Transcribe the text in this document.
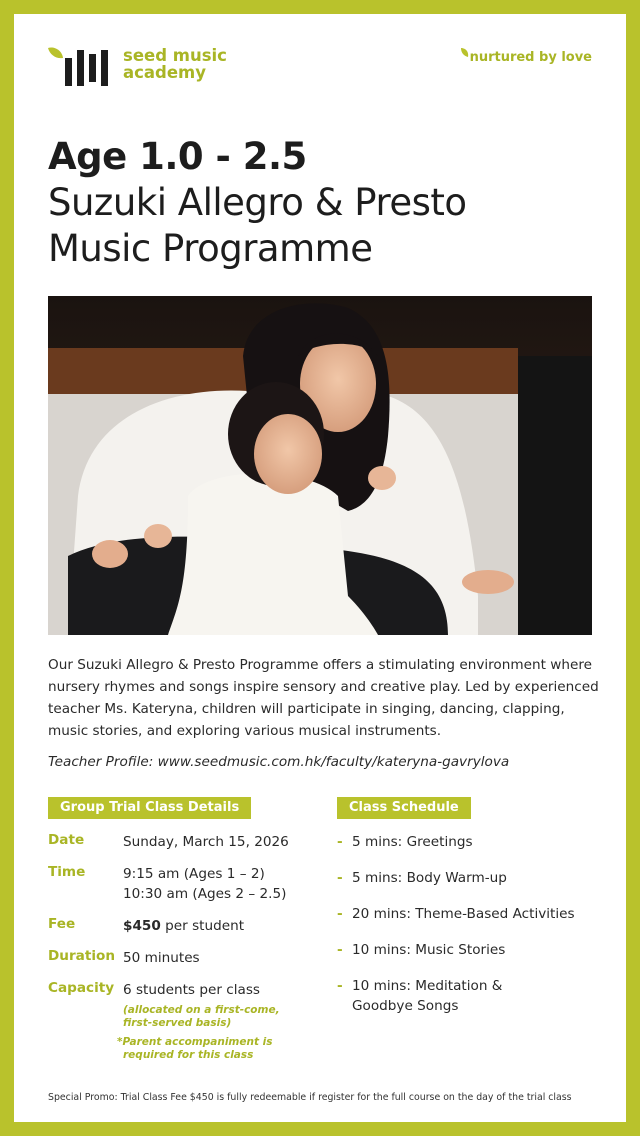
seed music
academy
nurtured by love
Age 1.0 - 2.5
Suzuki Allegro & Presto
Music Programme

Our Suzuki Allegro & Presto Programme offers a stimulating environment where nursery rhymes and songs inspire sensory and creative play. Led by experienced teacher Ms. Kateryna, children will participate in singing, dancing, clapping, music stories, and exploring various musical instruments.

Teacher Profile: www.seedmusic.com.hk/faculty/kateryna-gavrylova

Group Trial Class Details
Date	Sunday, March 15, 2026
Time	9:15 am (Ages 1 – 2)
10:30 am (Ages 2 – 2.5)
Fee	$450 per student
Duration 50 minutes
Capacity 6 students per class
(allocated on a first-come,
first-served basis)
*Parent accompaniment is
required for this class
Class Schedule
- 5 mins: Greetings
- 5 mins: Body Warm-up
- 20 mins: Theme-Based Activities
- 10 mins: Music Stories
- 10 mins: Meditation &
Goodbye Songs
Special Promo: Trial Class Fee $450 is fully redeemable if register for the full course on the day of the trial class
